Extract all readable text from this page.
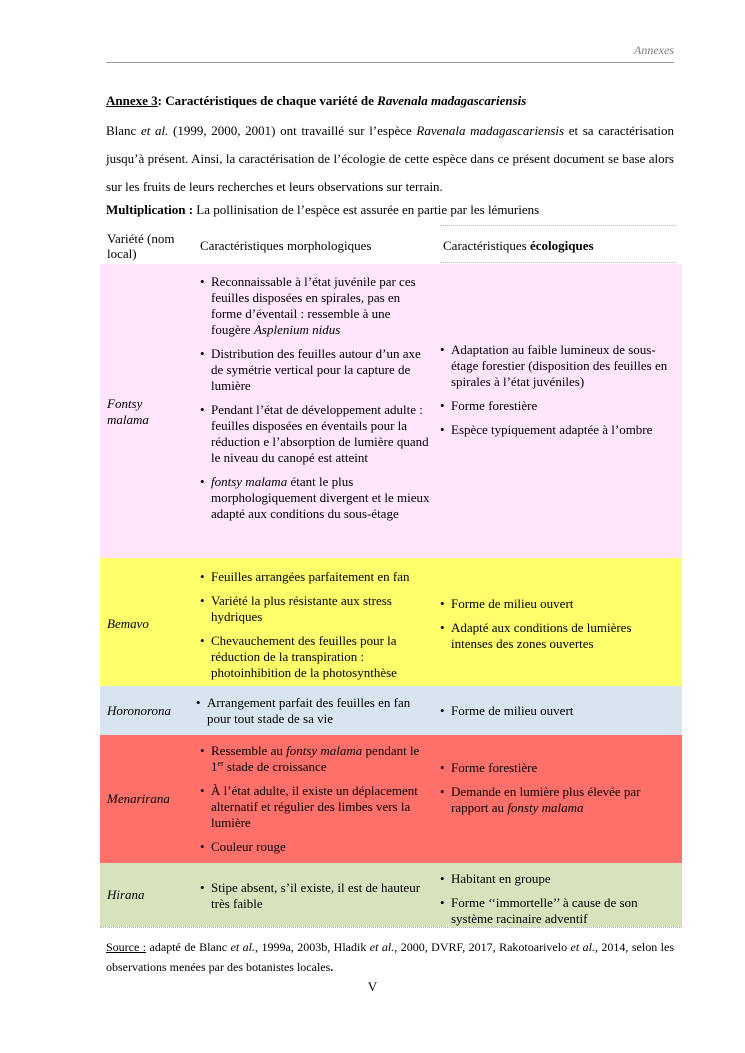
Annexes
Annexe 3: Caractéristiques de chaque variété de Ravenala madagascariensis

Blanc et al. (1999, 2000, 2001) ont travaillé sur l’espèce Ravenala madagascariensis et sa caractérisation jusqu’à présent. Ainsi, la caractérisation de l’écologie de cette espèce dans ce présent document se base alors sur les fruits de leurs recherches et leurs observations sur terrain.

Multiplication : La pollinisation de l’espèce est assurée en partie par les lémuriens
Variété (nom local)
Caractéristiques morphologiques	Caractéristiques écologiques
Fontsy malama
• Reconnaissable à l’état juvénile par ces feuilles disposées en spirales, pas en forme d’éventail : ressemble à une fougère Asplenium nidus
• Distribution des feuilles autour d’un axe de symétrie vertical pour la capture de lumière
• Pendant l’état de développement adulte : feuilles disposées en éventails pour la réduction e l’absorption de lumière quand le niveau du canopé est atteint
• fontsy malama étant le plus morphologiquement divergent et le mieux adapté aux conditions du sous-étage
• Adaptation au faible lumineux de sous-étage forestier (disposition des feuilles en spirales à l’état juvéniles)
• Forme forestière
• Espèce typiquement adaptée à l’ombre
Bemavo
• Feuilles arrangées parfaitement en fan
• Variété la plus résistante aux stress hydriques
• Chevauchement des feuilles pour la réduction de la transpiration : photoinhibition de la photosynthèse
• Forme de milieu ouvert
• Adapté aux conditions de lumières intenses des zones ouvertes
Horonorona
• Arrangement parfait des feuilles en fan pour tout stade de sa vie
• Forme de milieu ouvert
Menarirana
• Ressemble au fontsy malama pendant le 1er stade de croissance
• À l’état adulte, il existe un déplacement alternatif et régulier des limbes vers la lumière
• Couleur rouge
• Forme forestière
• Demande en lumière plus élevée par rapport au fonsty malama
Hirana	• Stipe absent, s’il existe, il est de hauteur très faible
• Habitant en groupe
• Forme ‘‘immortelle’’ à cause de son système racinaire adventif

Source : adapté de Blanc et al., 1999a, 2003b, Hladik et al., 2000, DVRF, 2017, Rakotoarivelo et al., 2014, selon les observations menées par des botanistes locales.

V
